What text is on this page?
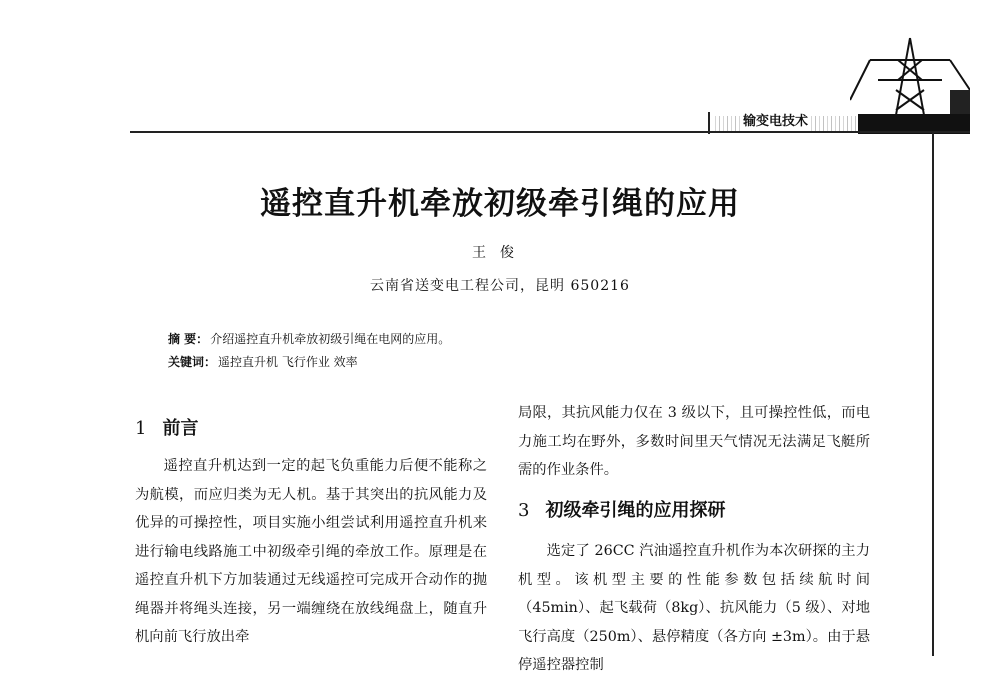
输变电技术
遥控直升机牵放初级牵引绳的应用
王俊
云南省送变电工程公司，昆明 650216
摘 要： 介绍遥控直升机牵放初级引绳在电网的应用。
关键词： 遥控直升机 飞行作业 效率
1 前言

遥控直升机达到一定的起飞负重能力后便不能称之为航模，而应归类为无人机。基于其突出的抗风能力及优异的可操控性，项目实施小组尝试利用遥控直升机来进行输电线路施工中初级牵引绳的牵放工作。原理是在遥控直升机下方加装通过无线遥控可完成开合动作的抛绳器并将绳头连接，另一端缠绕在放线绳盘上，随直升机向前飞行放出牵

局限，其抗风能力仅在 3 级以下，且可操控性低，而电力施工均在野外，多数时间里天气情况无法满足飞艇所需的作业条件。

3 初级牵引绳的应用探研

选定了 26CC 汽油遥控直升机作为本次研探的主力机型。该机型主要的性能参数包括续航时间（45min）、起飞载荷（8kg）、抗风能力（5 级）、对地飞行高度（250m）、悬停精度（各方向 ±3m）。由于悬停遥控器控制
